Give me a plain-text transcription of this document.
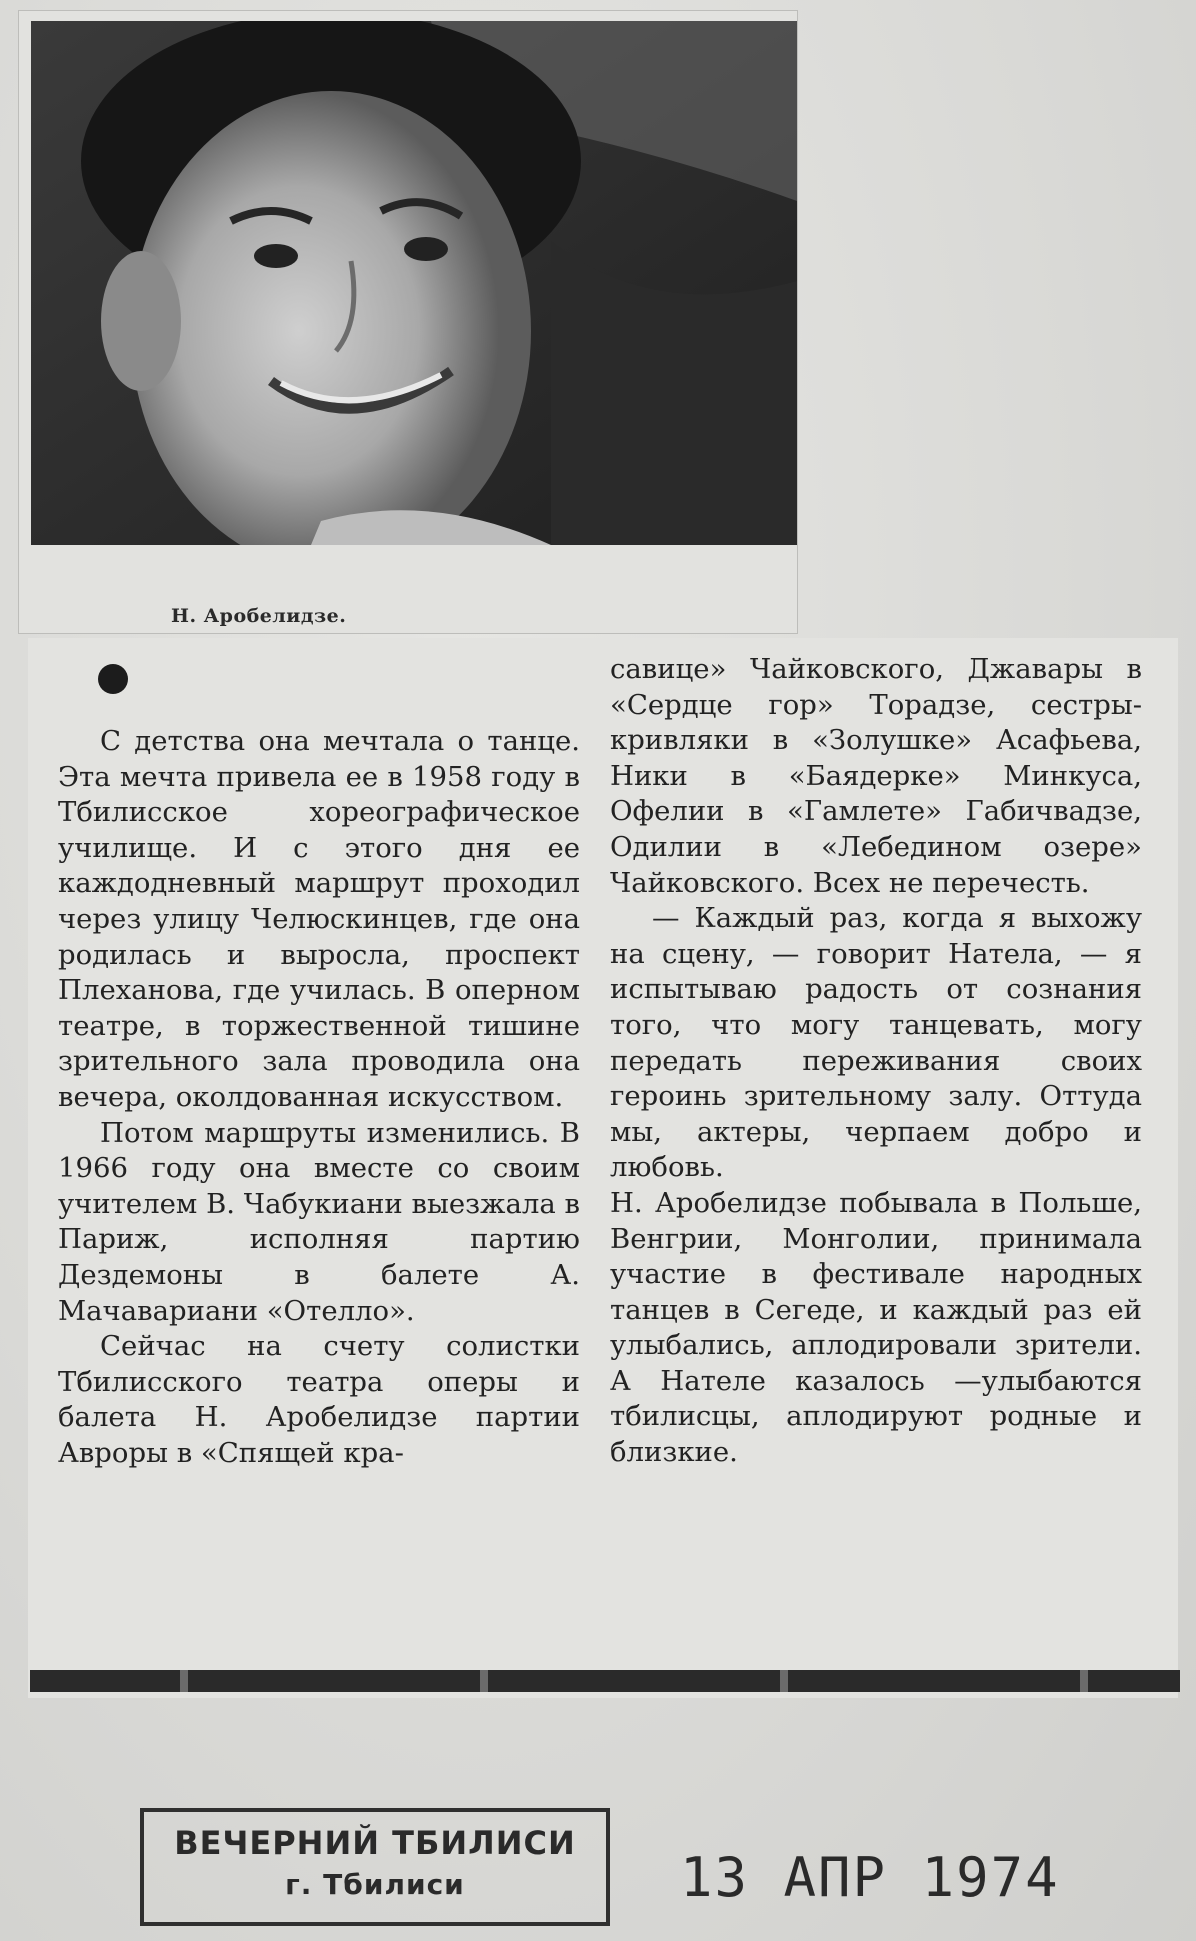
Н. Аробелидзе.

С детства она мечтала о танце. Эта мечта привела ее в 1958 году в Тбилисское хореографическое училище. И с этого дня ее каждодневный маршрут проходил через улицу Челюскинцев, где она родилась и выросла, проспект Плеханова, где училась. В оперном театре, в торжественной тишине зрительного зала проводила она вечера, околдованная искусством.

Потом маршруты изменились. В 1966 году она вместе со своим учителем В. Чабукиани выезжала в Париж, исполняя партию Дездемоны в балете А. Мачавариани «Отелло».

Сейчас на счету солистки Тбилисского театра оперы и балета Н. Аробелидзе партии Авроры в «Спящей кра-

савице» Чайковского, Джавары в «Сердце гор» Торадзе, сестры-кривляки в «Золушке» Асафьева, Ники в «Баядерке» Минкуса, Офелии в «Гамлете» Габичвадзе, Одилии в «Лебедином озере» Чайковского. Всех не перечесть.

— Каждый раз, когда я выхожу на сцену, — говорит Натела, — я испытываю радость от сознания того, что могу танцевать, могу передать переживания своих героинь зрительному залу. Оттуда мы, актеры, черпаем добро и любовь.

Н. Аробелидзе побывала в Польше, Венгрии, Монголии, принимала участие в фестивале народных танцев в Сегеде, и каждый раз ей улыбались, аплодировали зрители. А Нателе казалось —улыбаются тбилисцы, аплодируют родные и близкие.

ВЕЧЕРНИЙ ТБИЛИСИ
г. Тбилиси	13 АПР 1974
